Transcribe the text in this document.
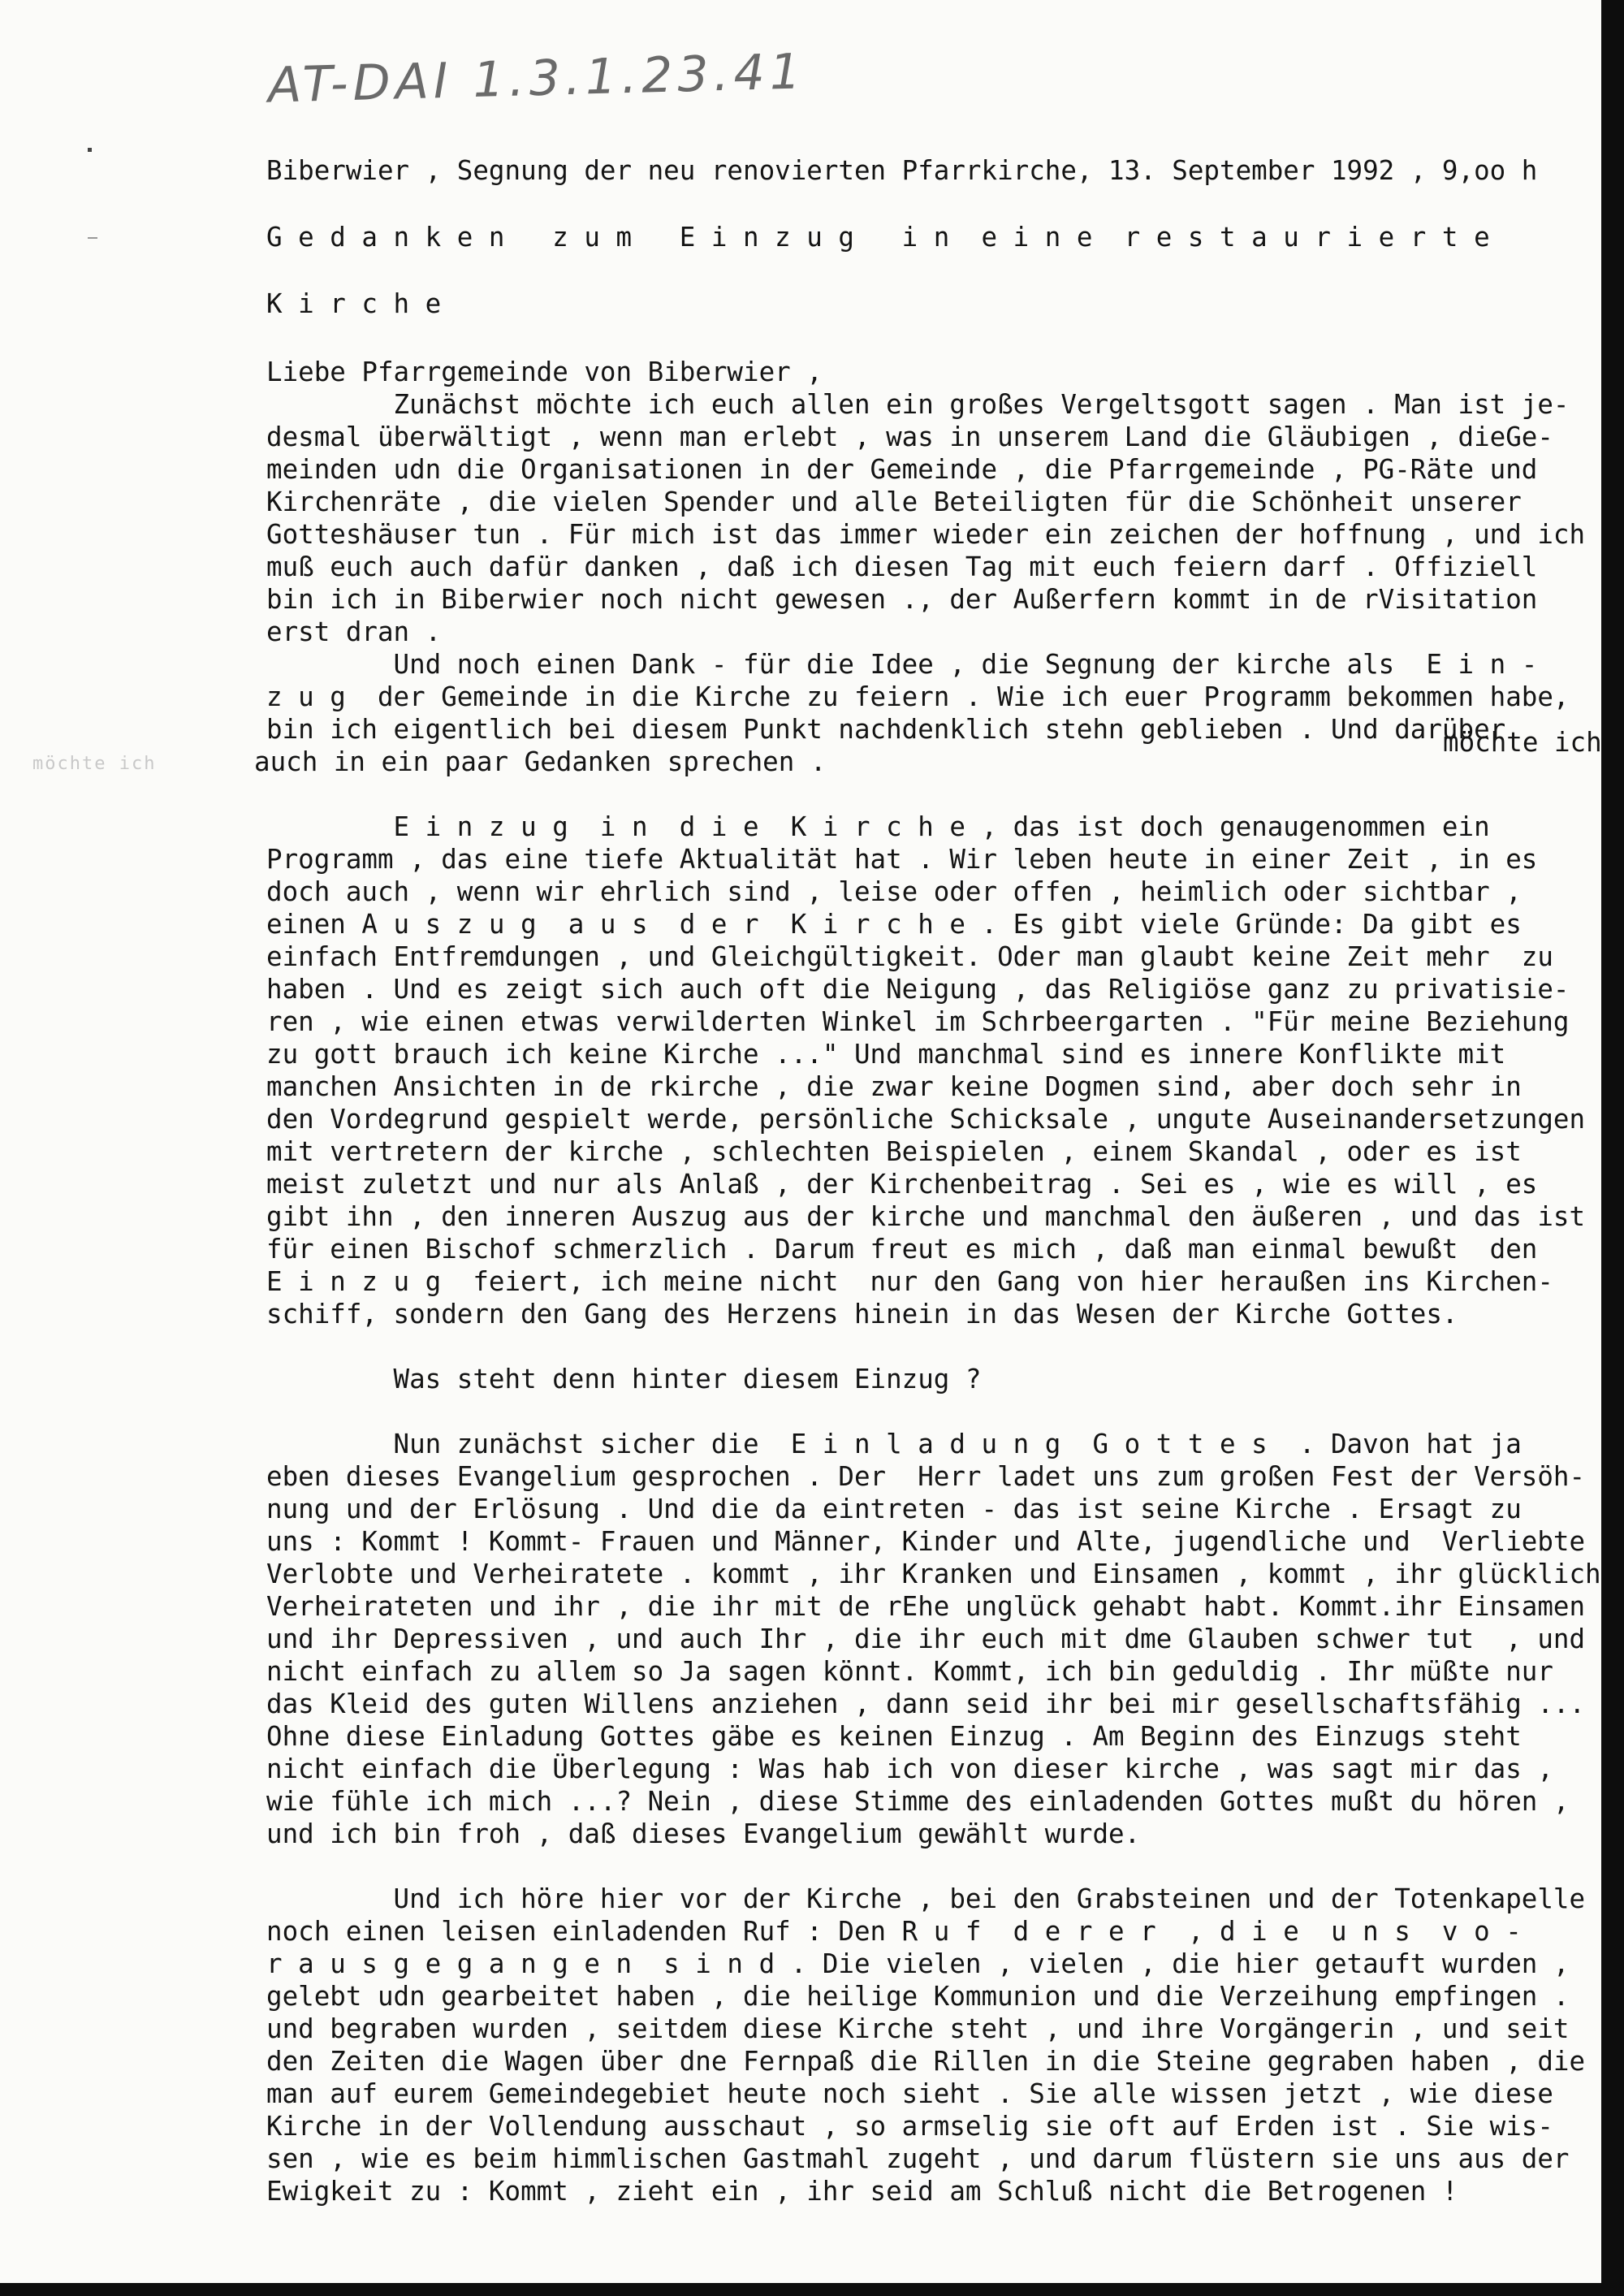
AT-DAI 1.3.1.23.41
möchte ich
Biberwier , Segnung der neu renovierten Pfarrkirche, 13. September 1992 , 9,oo h
G e d a n k e n   z u m   E i n z u g   i n  e i n e  r e s t a u r i e r t e
K i r c h e
Liebe Pfarrgemeinde von Biberwier ,
Zunächst möchte ich euch allen ein großes Vergeltsgott sagen . Man ist je-
desmal überwältigt , wenn man erlebt , was in unserem Land die Gläubigen , dieGe-
meinden udn die Organisationen in der Gemeinde , die Pfarrgemeinde , PG-Räte und
Kirchenräte , die vielen Spender und alle Beteiligten für die Schönheit unserer
Gotteshäuser tun . Für mich ist das immer wieder ein zeichen der hoffnung , und ich
muß euch auch dafür danken , daß ich diesen Tag mit euch feiern darf . Offiziell
bin ich in Biberwier noch nicht gewesen ., der Außerfern kommt in de rVisitation
erst dran .
Und noch einen Dank - für die Idee , die Segnung der kirche als  E i n -
z u g  der Gemeinde in die Kirche zu feiern . Wie ich euer Programm bekommen habe,
bin ich eigentlich bei diesem Punkt nachdenklich stehn geblieben . Und darüber
auch in ein paar Gedanken sprechen .
E i n z u g  i n  d i e  K i r c h e , das ist doch genaugenommen ein
Programm , das eine tiefe Aktualität hat . Wir leben heute in einer Zeit , in es
doch auch , wenn wir ehrlich sind , leise oder offen , heimlich oder sichtbar ,
einen A u s z u g  a u s  d e r  K i r c h e . Es gibt viele Gründe: Da gibt es
einfach Entfremdungen , und Gleichgültigkeit. Oder man glaubt keine Zeit mehr  zu
haben . Und es zeigt sich auch oft die Neigung , das Religiöse ganz zu privatisie-
ren , wie einen etwas verwilderten Winkel im Schrbeergarten . "Für meine Beziehung
zu gott brauch ich keine Kirche ..." Und manchmal sind es innere Konflikte mit
manchen Ansichten in de rkirche , die zwar keine Dogmen sind, aber doch sehr in
den Vordegrund gespielt werde, persönliche Schicksale , ungute Auseinandersetzungen
mit vertretern der kirche , schlechten Beispielen , einem Skandal , oder es ist
meist zuletzt und nur als Anlaß , der Kirchenbeitrag . Sei es , wie es will , es
gibt ihn , den inneren Auszug aus der kirche und manchmal den äußeren , und das ist
für einen Bischof schmerzlich . Darum freut es mich , daß man einmal bewußt  den
E i n z u g  feiert, ich meine nicht  nur den Gang von hier heraußen ins Kirchen-
schiff, sondern den Gang des Herzens hinein in das Wesen der Kirche Gottes.
Was steht denn hinter diesem Einzug ?
Nun zunächst sicher die  E i n l a d u n g  G o t t e s  . Davon hat ja
eben dieses Evangelium gesprochen . Der  Herr ladet uns zum großen Fest der Versöh-
nung und der Erlösung . Und die da eintreten - das ist seine Kirche . Ersagt zu
uns : Kommt ! Kommt- Frauen und Männer, Kinder und Alte, jugendliche und  Verliebte
Verlobte und Verheiratete . kommt , ihr Kranken und Einsamen , kommt , ihr glücklich
Verheirateten und ihr , die ihr mit de rEhe unglück gehabt habt. Kommt.ihr Einsamen
und ihr Depressiven , und auch Ihr , die ihr euch mit dme Glauben schwer tut  , und
nicht einfach zu allem so Ja sagen könnt. Kommt, ich bin geduldig . Ihr müßte nur
das Kleid des guten Willens anziehen , dann seid ihr bei mir gesellschaftsfähig ...
Ohne diese Einladung Gottes gäbe es keinen Einzug . Am Beginn des Einzugs steht
nicht einfach die Überlegung : Was hab ich von dieser kirche , was sagt mir das ,
wie fühle ich mich ...? Nein , diese Stimme des einladenden Gottes mußt du hören ,
und ich bin froh , daß dieses Evangelium gewählt wurde.
Und ich höre hier vor der Kirche , bei den Grabsteinen und der Totenkapelle
noch einen leisen einladenden Ruf : Den R u f  d e r e r  , d i e  u n s  v o -
r a u s g e g a n g e n  s i n d . Die vielen , vielen , die hier getauft wurden ,
gelebt udn gearbeitet haben , die heilige Kommunion und die Verzeihung empfingen .
und begraben wurden , seitdem diese Kirche steht , und ihre Vorgängerin , und seit
den Zeiten die Wagen über dne Fernpaß die Rillen in die Steine gegraben haben , die
man auf eurem Gemeindegebiet heute noch sieht . Sie alle wissen jetzt , wie diese
Kirche in der Vollendung ausschaut , so armselig sie oft auf Erden ist . Sie wis-
sen , wie es beim himmlischen Gastmahl zugeht , und darum flüstern sie uns aus der
Ewigkeit zu : Kommt , zieht ein , ihr seid am Schluß nicht die Betrogenen !
möchte ich
